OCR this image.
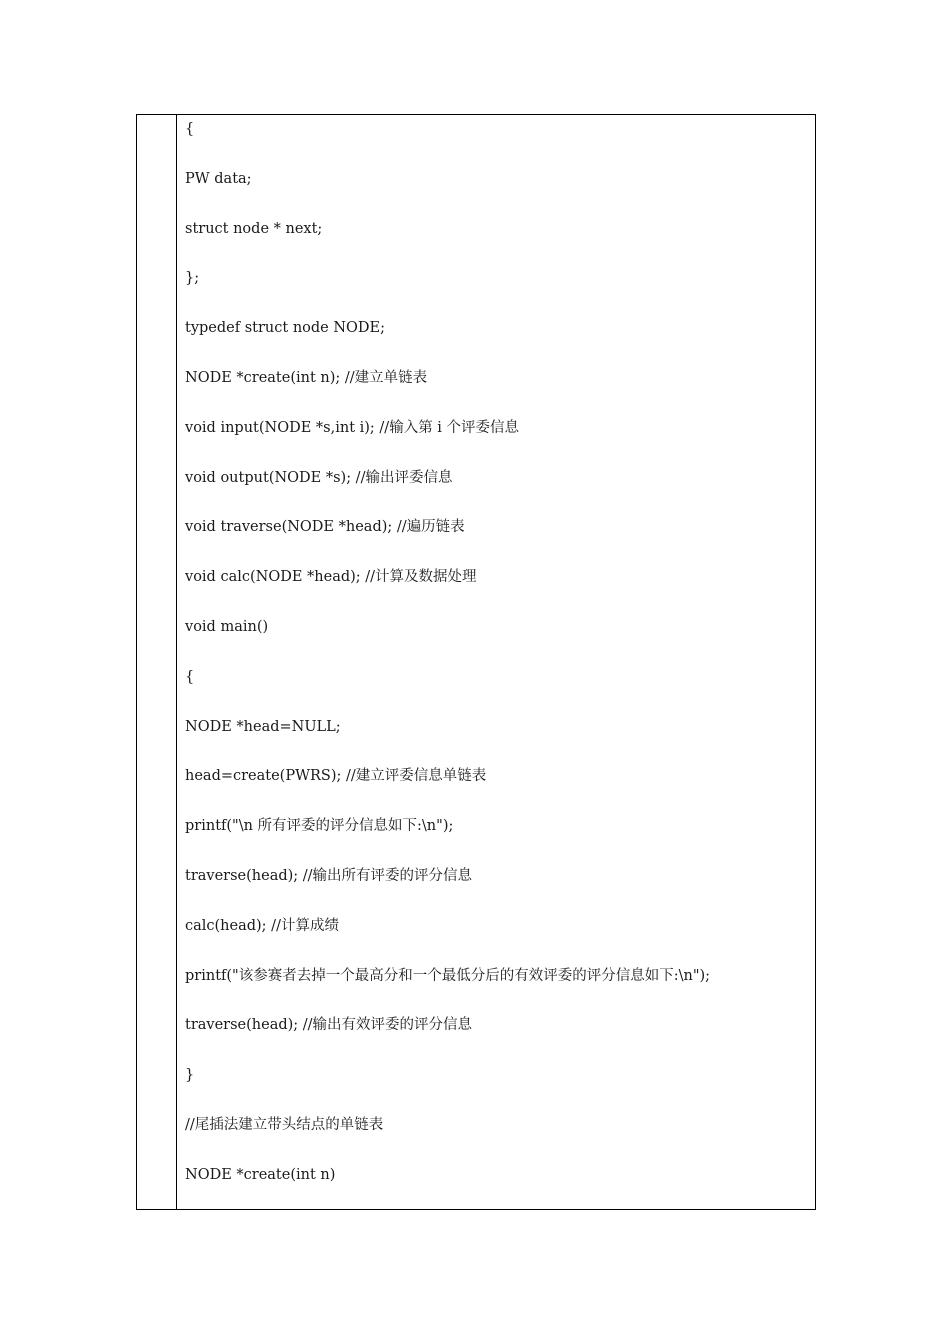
{
PW data;
struct node * next;
};
typedef struct node NODE;
NODE *create(int n); //建立单链表
void input(NODE *s,int i); //输入第 i 个评委信息
void output(NODE *s); //输出评委信息
void traverse(NODE *head); //遍历链表
void calc(NODE *head); //计算及数据处理
void main()
{
NODE *head=NULL;
head=create(PWRS); //建立评委信息单链表
printf("\n 所有评委的评分信息如下:\n");
traverse(head); //输出所有评委的评分信息
calc(head); //计算成绩
printf("该参赛者去掉一个最高分和一个最低分后的有效评委的评分信息如下:\n");
traverse(head); //输出有效评委的评分信息
}
//尾插法建立带头结点的单链表
NODE *create(int n)
